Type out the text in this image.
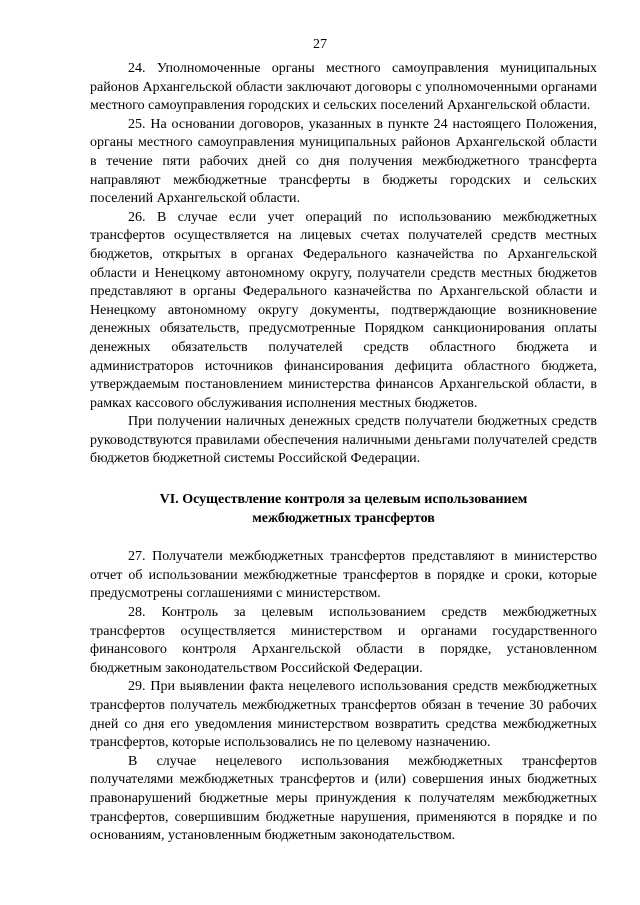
27

24. Уполномоченные органы местного самоуправления муниципальных районов Архангельской области заключают договоры с уполномоченными органами местного самоуправления городских и сельских поселений Архангельской области.

25. На основании договоров, указанных в пункте 24 настоящего Положения, органы местного самоуправления муниципальных районов Архангельской области в течение пяти рабочих дней со дня получения межбюджетного трансферта направляют межбюджетные трансферты в бюджеты городских и сельских поселений Архангельской области.

26. В случае если учет операций по использованию межбюджетных трансфертов осуществляется на лицевых счетах получателей средств местных бюджетов, открытых в органах Федерального казначейства по Архангельской области и Ненецкому автономному округу, получатели средств местных бюджетов представляют в органы Федерального казначейства по Архангельской области и Ненецкому автономному округу документы, подтверждающие возникновение денежных обязательств, предусмотренные Порядком санкционирования оплаты денежных обязательств получателей средств областного бюджета и администраторов источников финансирования дефицита областного бюджета, утверждаемым постановлением министерства финансов Архангельской области, в рамках кассового обслуживания исполнения местных бюджетов.

При получении наличных денежных средств получатели бюджетных средств руководствуются правилами обеспечения наличными деньгами получателей средств бюджетов бюджетной системы Российской Федерации.

VI. Осуществление контроля за целевым использованием
межбюджетных трансфертов

27. Получатели межбюджетных трансфертов представляют в министерство отчет об использовании межбюджетные трансфертов в порядке и сроки, которые предусмотрены соглашениями с министерством.

28. Контроль за целевым использованием средств межбюджетных трансфертов осуществляется министерством и органами государственного финансового контроля Архангельской области в порядке, установленном бюджетным законодательством Российской Федерации.

29. При выявлении факта нецелевого использования средств межбюджетных трансфертов получатель межбюджетных трансфертов обязан в течение 30 рабочих дней со дня его уведомления министерством возвратить средства межбюджетных трансфертов, которые использовались не по целевому назначению.

В случае нецелевого использования межбюджетных трансфертов получателями межбюджетных трансфертов и (или) совершения иных бюджетных правонарушений бюджетные меры принуждения к получателям межбюджетных трансфертов, совершившим бюджетные нарушения, применяются в порядке и по основаниям, установленным бюджетным законодательством.
